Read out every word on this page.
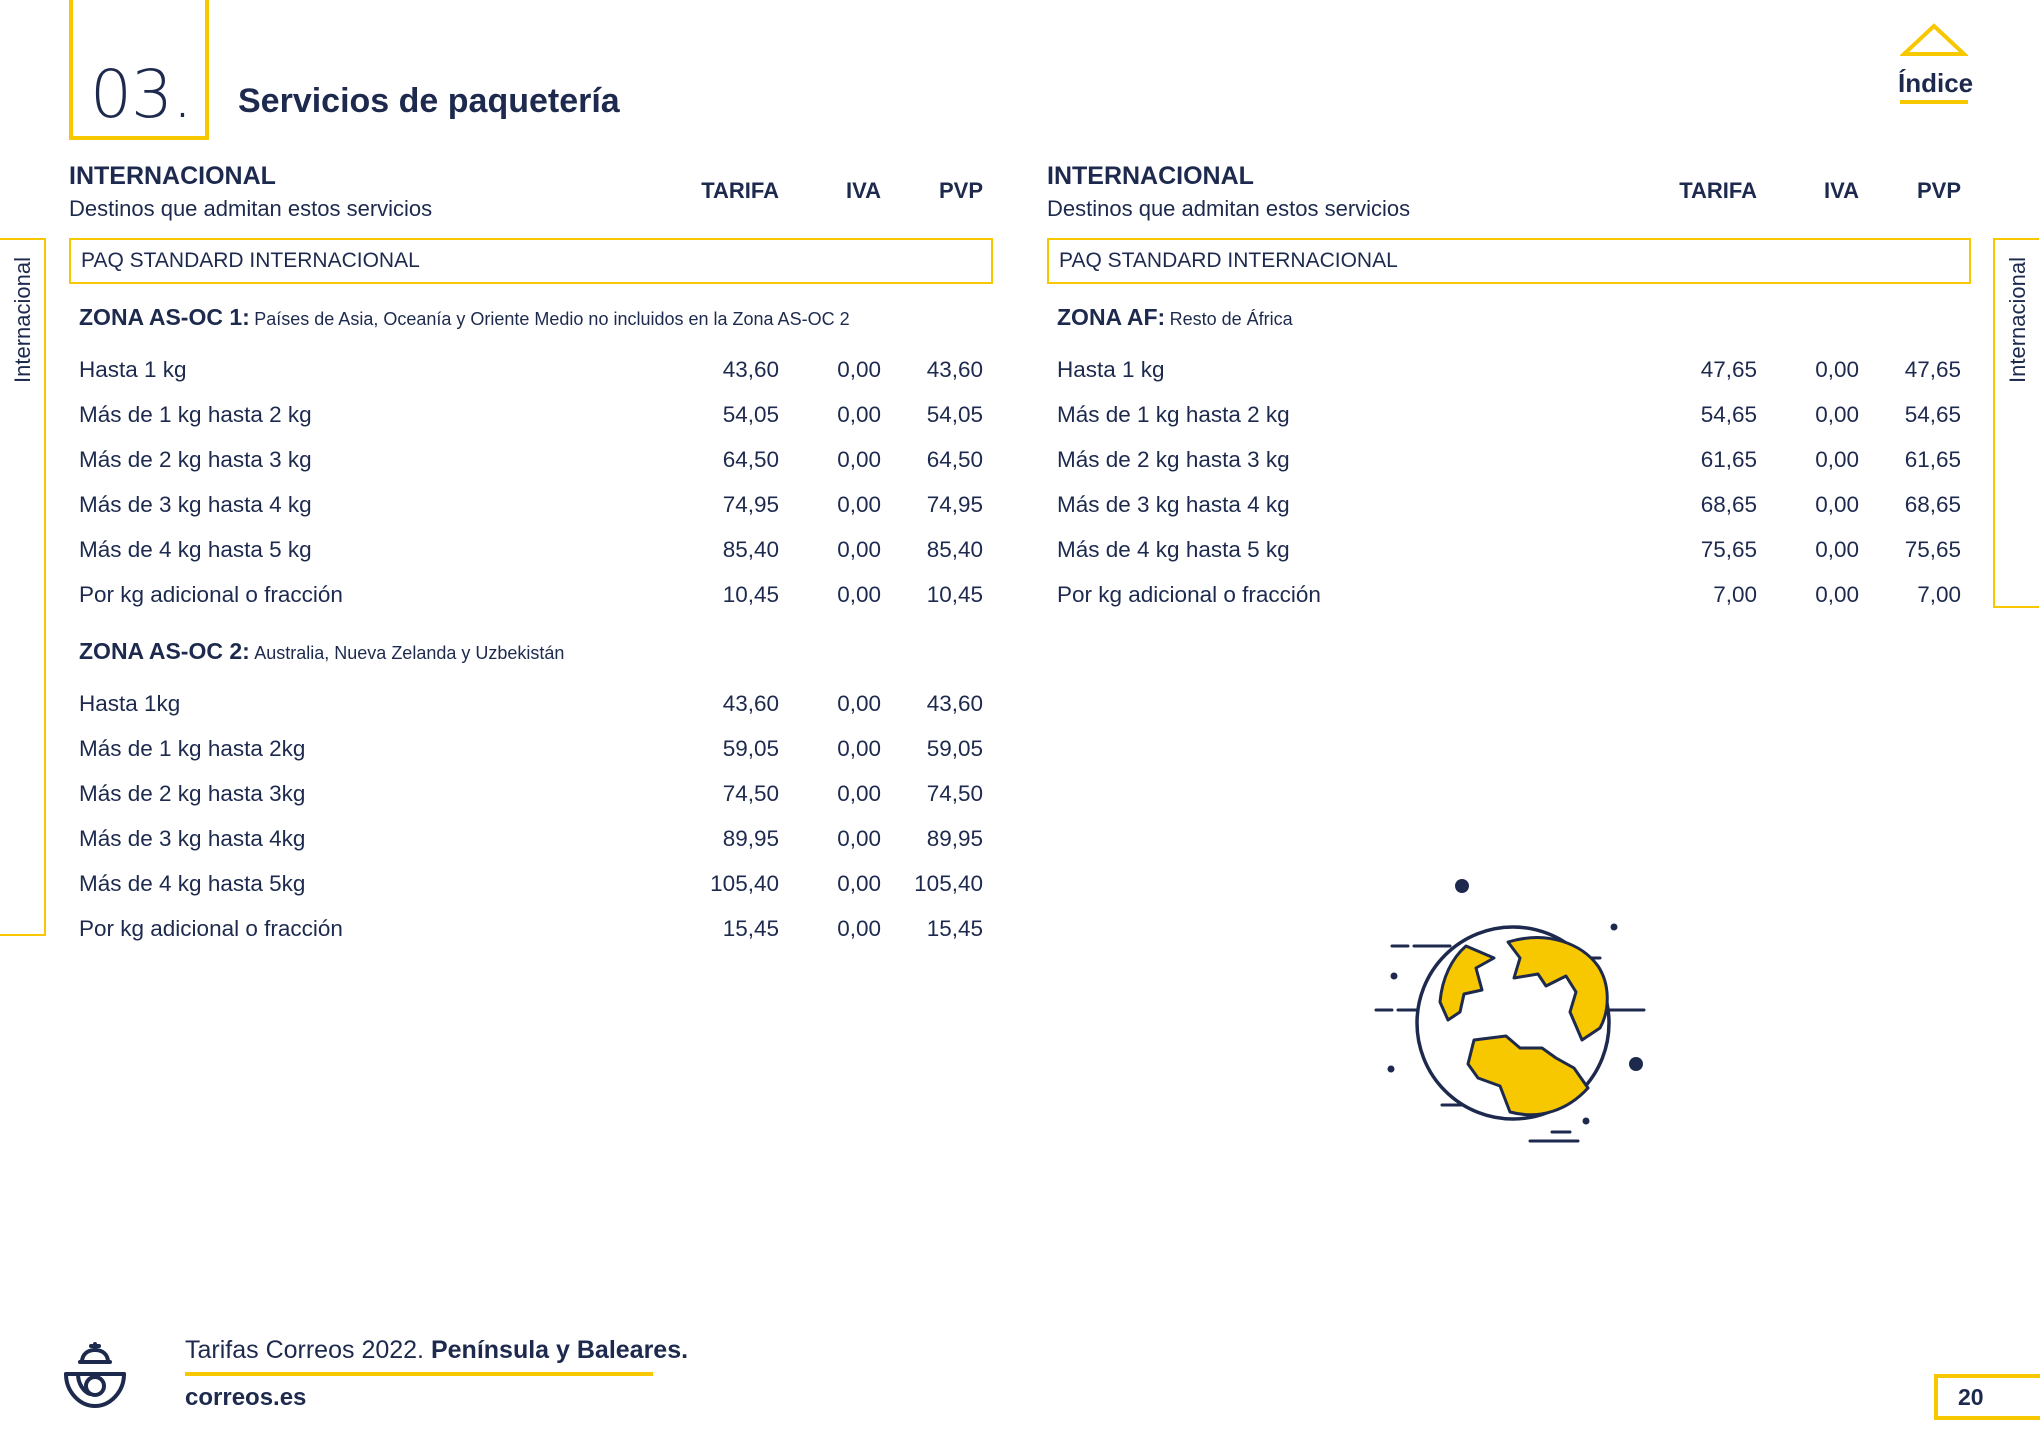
03. Servicios de paquetería	Índice
Internacional	Internacional
INTERNACIONAL
Destinos que admitan estos servicios
TARIFA	IVA	PVP
PAQ STANDARD INTERNACIONAL
ZONA AS-OC 1: Países de Asia, Oceanía y Oriente Medio no incluidos en la Zona AS-OC 2
Hasta 1 kg	43,60	0,00 43,60
Más de 1 kg hasta 2 kg	54,05	0,00 54,05
Más de 2 kg hasta 3 kg	64,50	0,00 64,50
Más de 3 kg hasta 4 kg	74,95	0,00 74,95
Más de 4 kg hasta 5 kg	85,40	0,00 85,40
Por kg adicional o fracción	10,45	0,00 10,45
ZONA AS-OC 2: Australia, Nueva Zelanda y Uzbekistán
Hasta 1kg	43,60	0,00 43,60
Más de 1 kg hasta 2kg	59,05	0,00 59,05
Más de 2 kg hasta 3kg	74,50	0,00 74,50
Más de 3 kg hasta 4kg	89,95	0,00 89,95
Más de 4 kg hasta 5kg	105,40	0,00 105,40
Por kg adicional o fracción	15,45	0,00 15,45
INTERNACIONAL
Destinos que admitan estos servicios
TARIFA	IVA	PVP
PAQ STANDARD INTERNACIONAL
ZONA AF: Resto de África
Hasta 1 kg	47,65	0,00 47,65
Más de 1 kg hasta 2 kg	54,65	0,00 54,65
Más de 2 kg hasta 3 kg	61,65	0,00 61,65
Más de 3 kg hasta 4 kg	68,65	0,00 68,65
Más de 4 kg hasta 5 kg	75,65	0,00 75,65
Por kg adicional o fracción	7,00	0,00	7,00
Tarifas Correos 2022. Península y Baleares.
correos.es	20
